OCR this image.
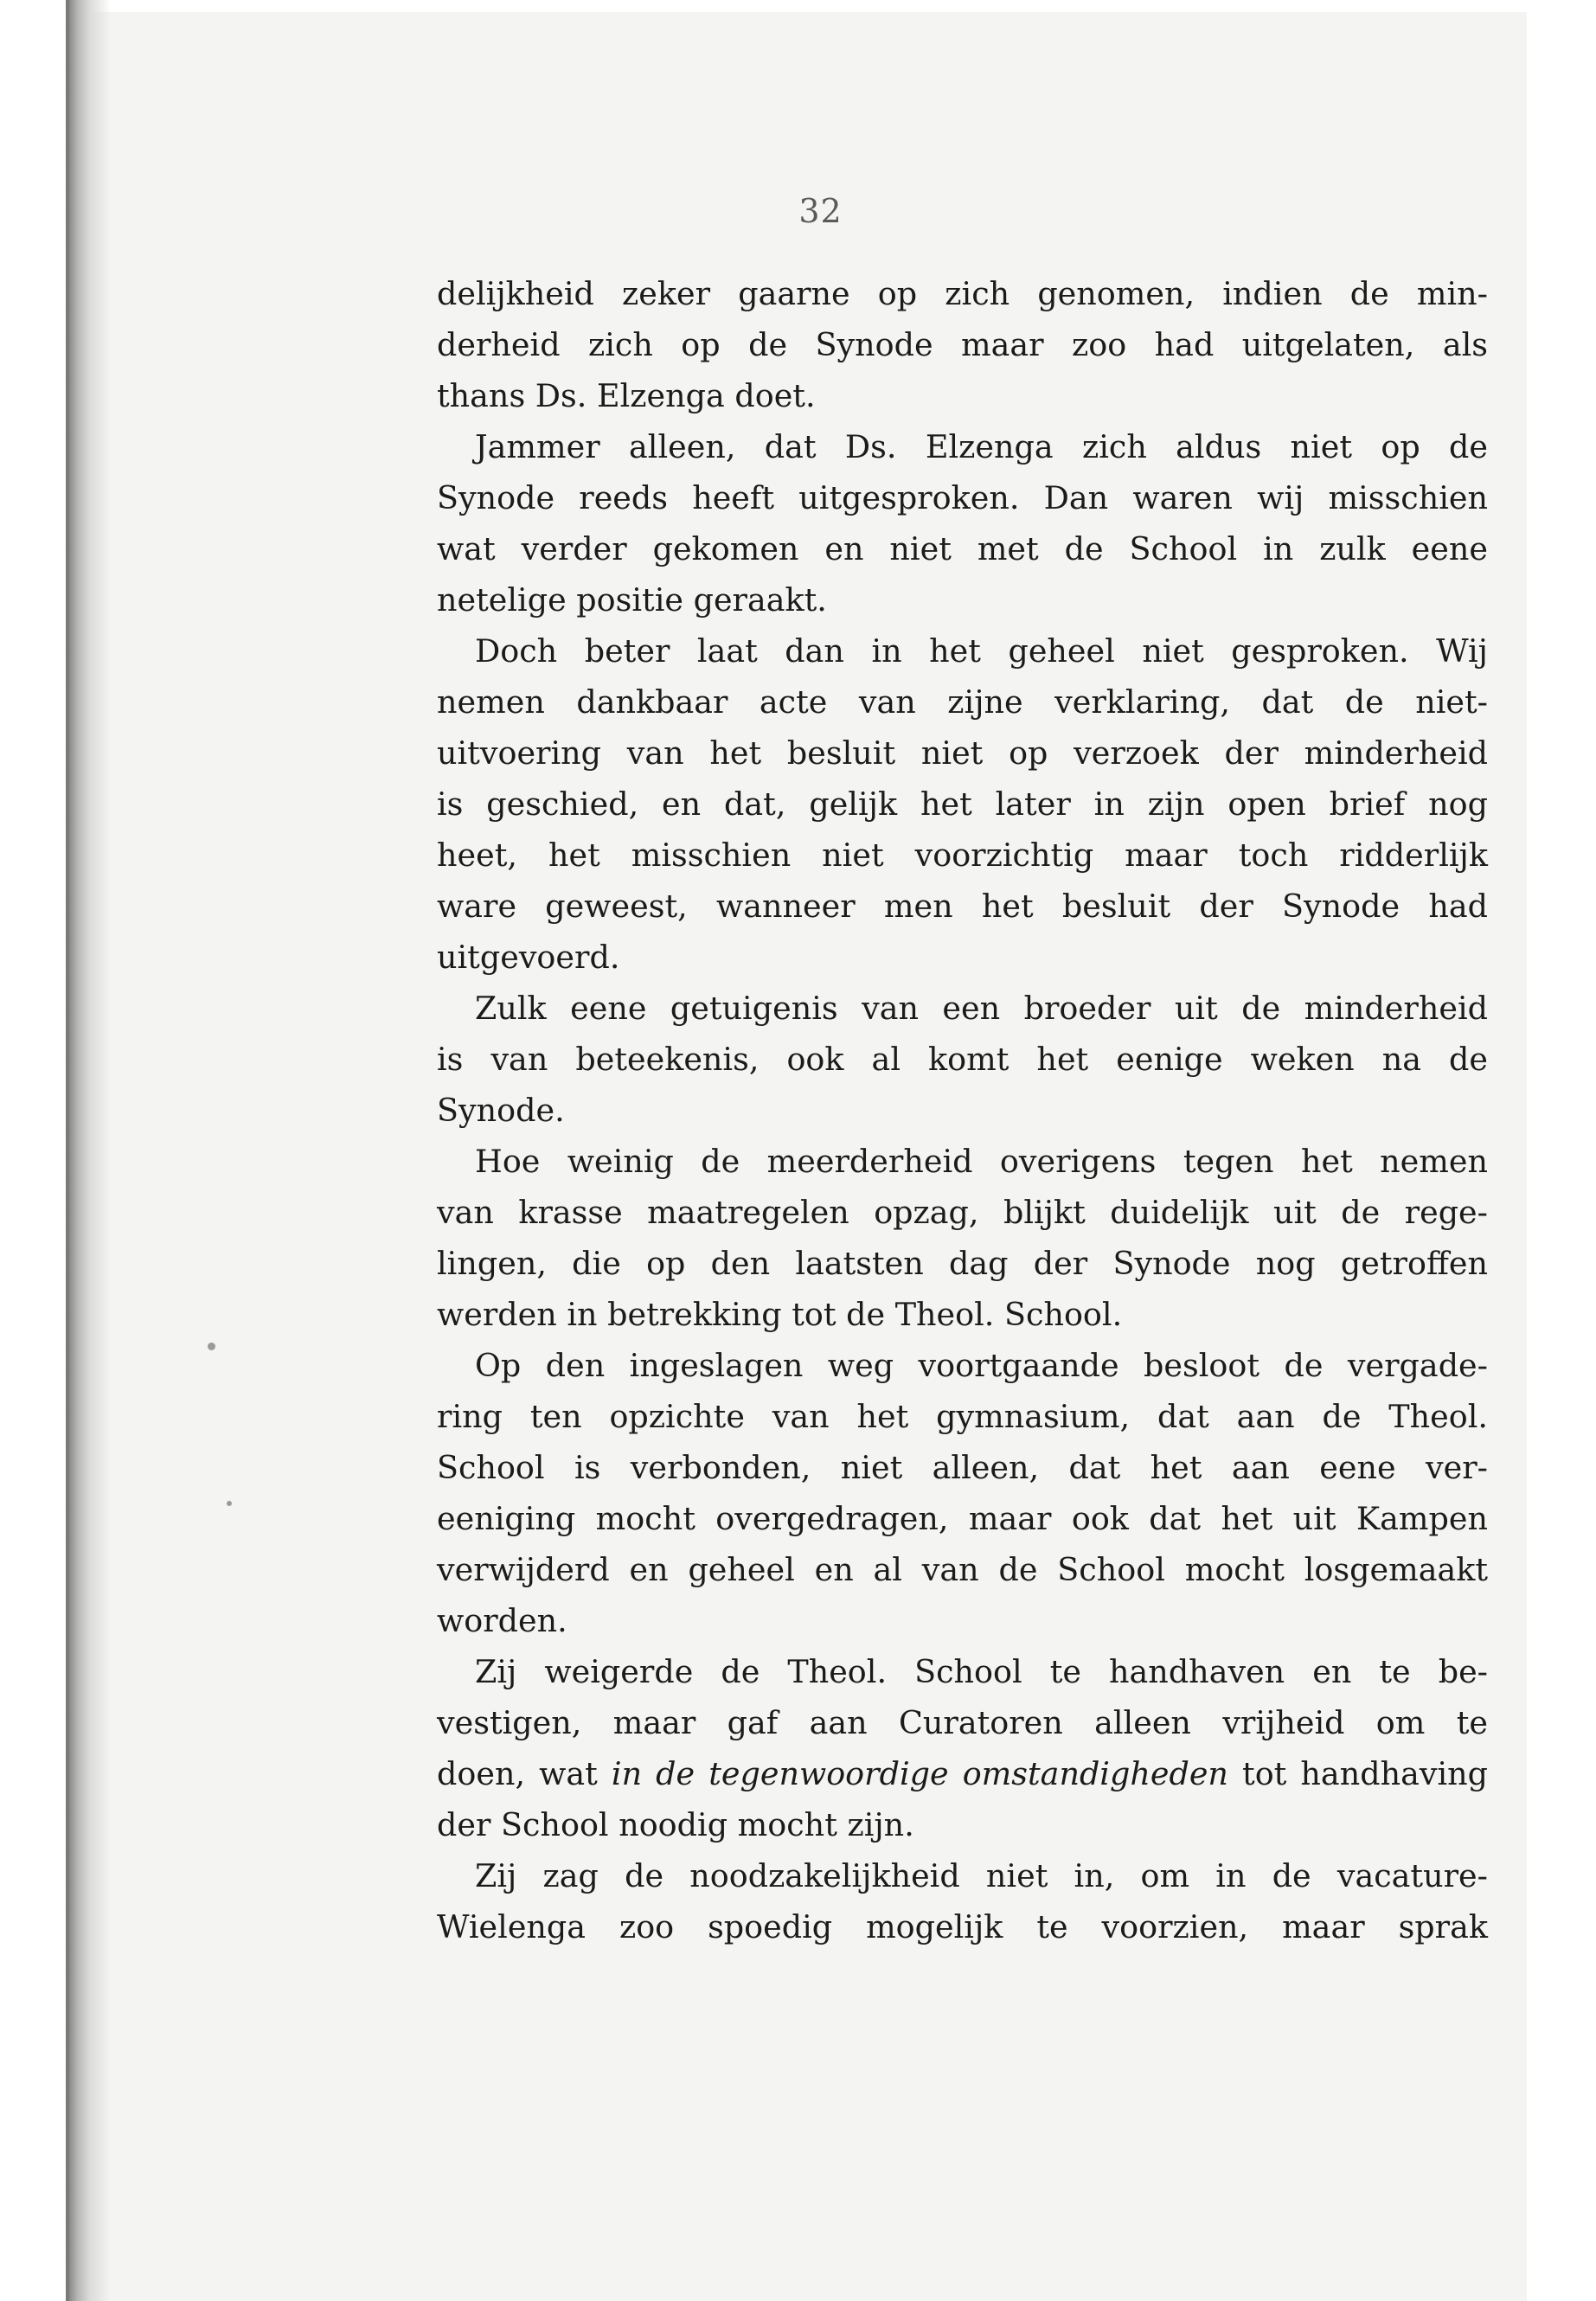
32
delijkheid zeker gaarne op zich genomen, indien de min-
derheid zich op de Synode maar zoo had uitgelaten, als
thans Ds. Elzenga doet.
Jammer alleen, dat Ds. Elzenga zich aldus niet op de
Synode reeds heeft uitgesproken. Dan waren wij misschien
wat verder gekomen en niet met de School in zulk eene
netelige positie geraakt.
Doch beter laat dan in het geheel niet gesproken. Wij
nemen dankbaar acte van zijne verklaring, dat de niet-
uitvoering van het besluit niet op verzoek der minderheid
is geschied, en dat, gelijk het later in zijn open brief nog
heet, het misschien niet voorzichtig maar toch ridderlijk
ware geweest, wanneer men het besluit der Synode had
uitgevoerd.
Zulk eene getuigenis van een broeder uit de minderheid
is van beteekenis, ook al komt het eenige weken na de
Synode.
Hoe weinig de meerderheid overigens tegen het nemen
van krasse maatregelen opzag, blijkt duidelijk uit de rege-
lingen, die op den laatsten dag der Synode nog getroffen
werden in betrekking tot de Theol. School.
Op den ingeslagen weg voortgaande besloot de vergade-
ring ten opzichte van het gymnasium, dat aan de Theol.
School is verbonden, niet alleen, dat het aan eene ver-
eeniging mocht overgedragen, maar ook dat het uit Kampen
verwijderd en geheel en al van de School mocht losgemaakt
worden.
Zij weigerde de Theol. School te handhaven en te be-
vestigen, maar gaf aan Curatoren alleen vrijheid om te
doen, wat in de tegenwoordige omstandigheden tot handhaving
der School noodig mocht zijn.
Zij zag de noodzakelijkheid niet in, om in de vacature-
Wielenga zoo spoedig mogelijk te voorzien, maar sprak
